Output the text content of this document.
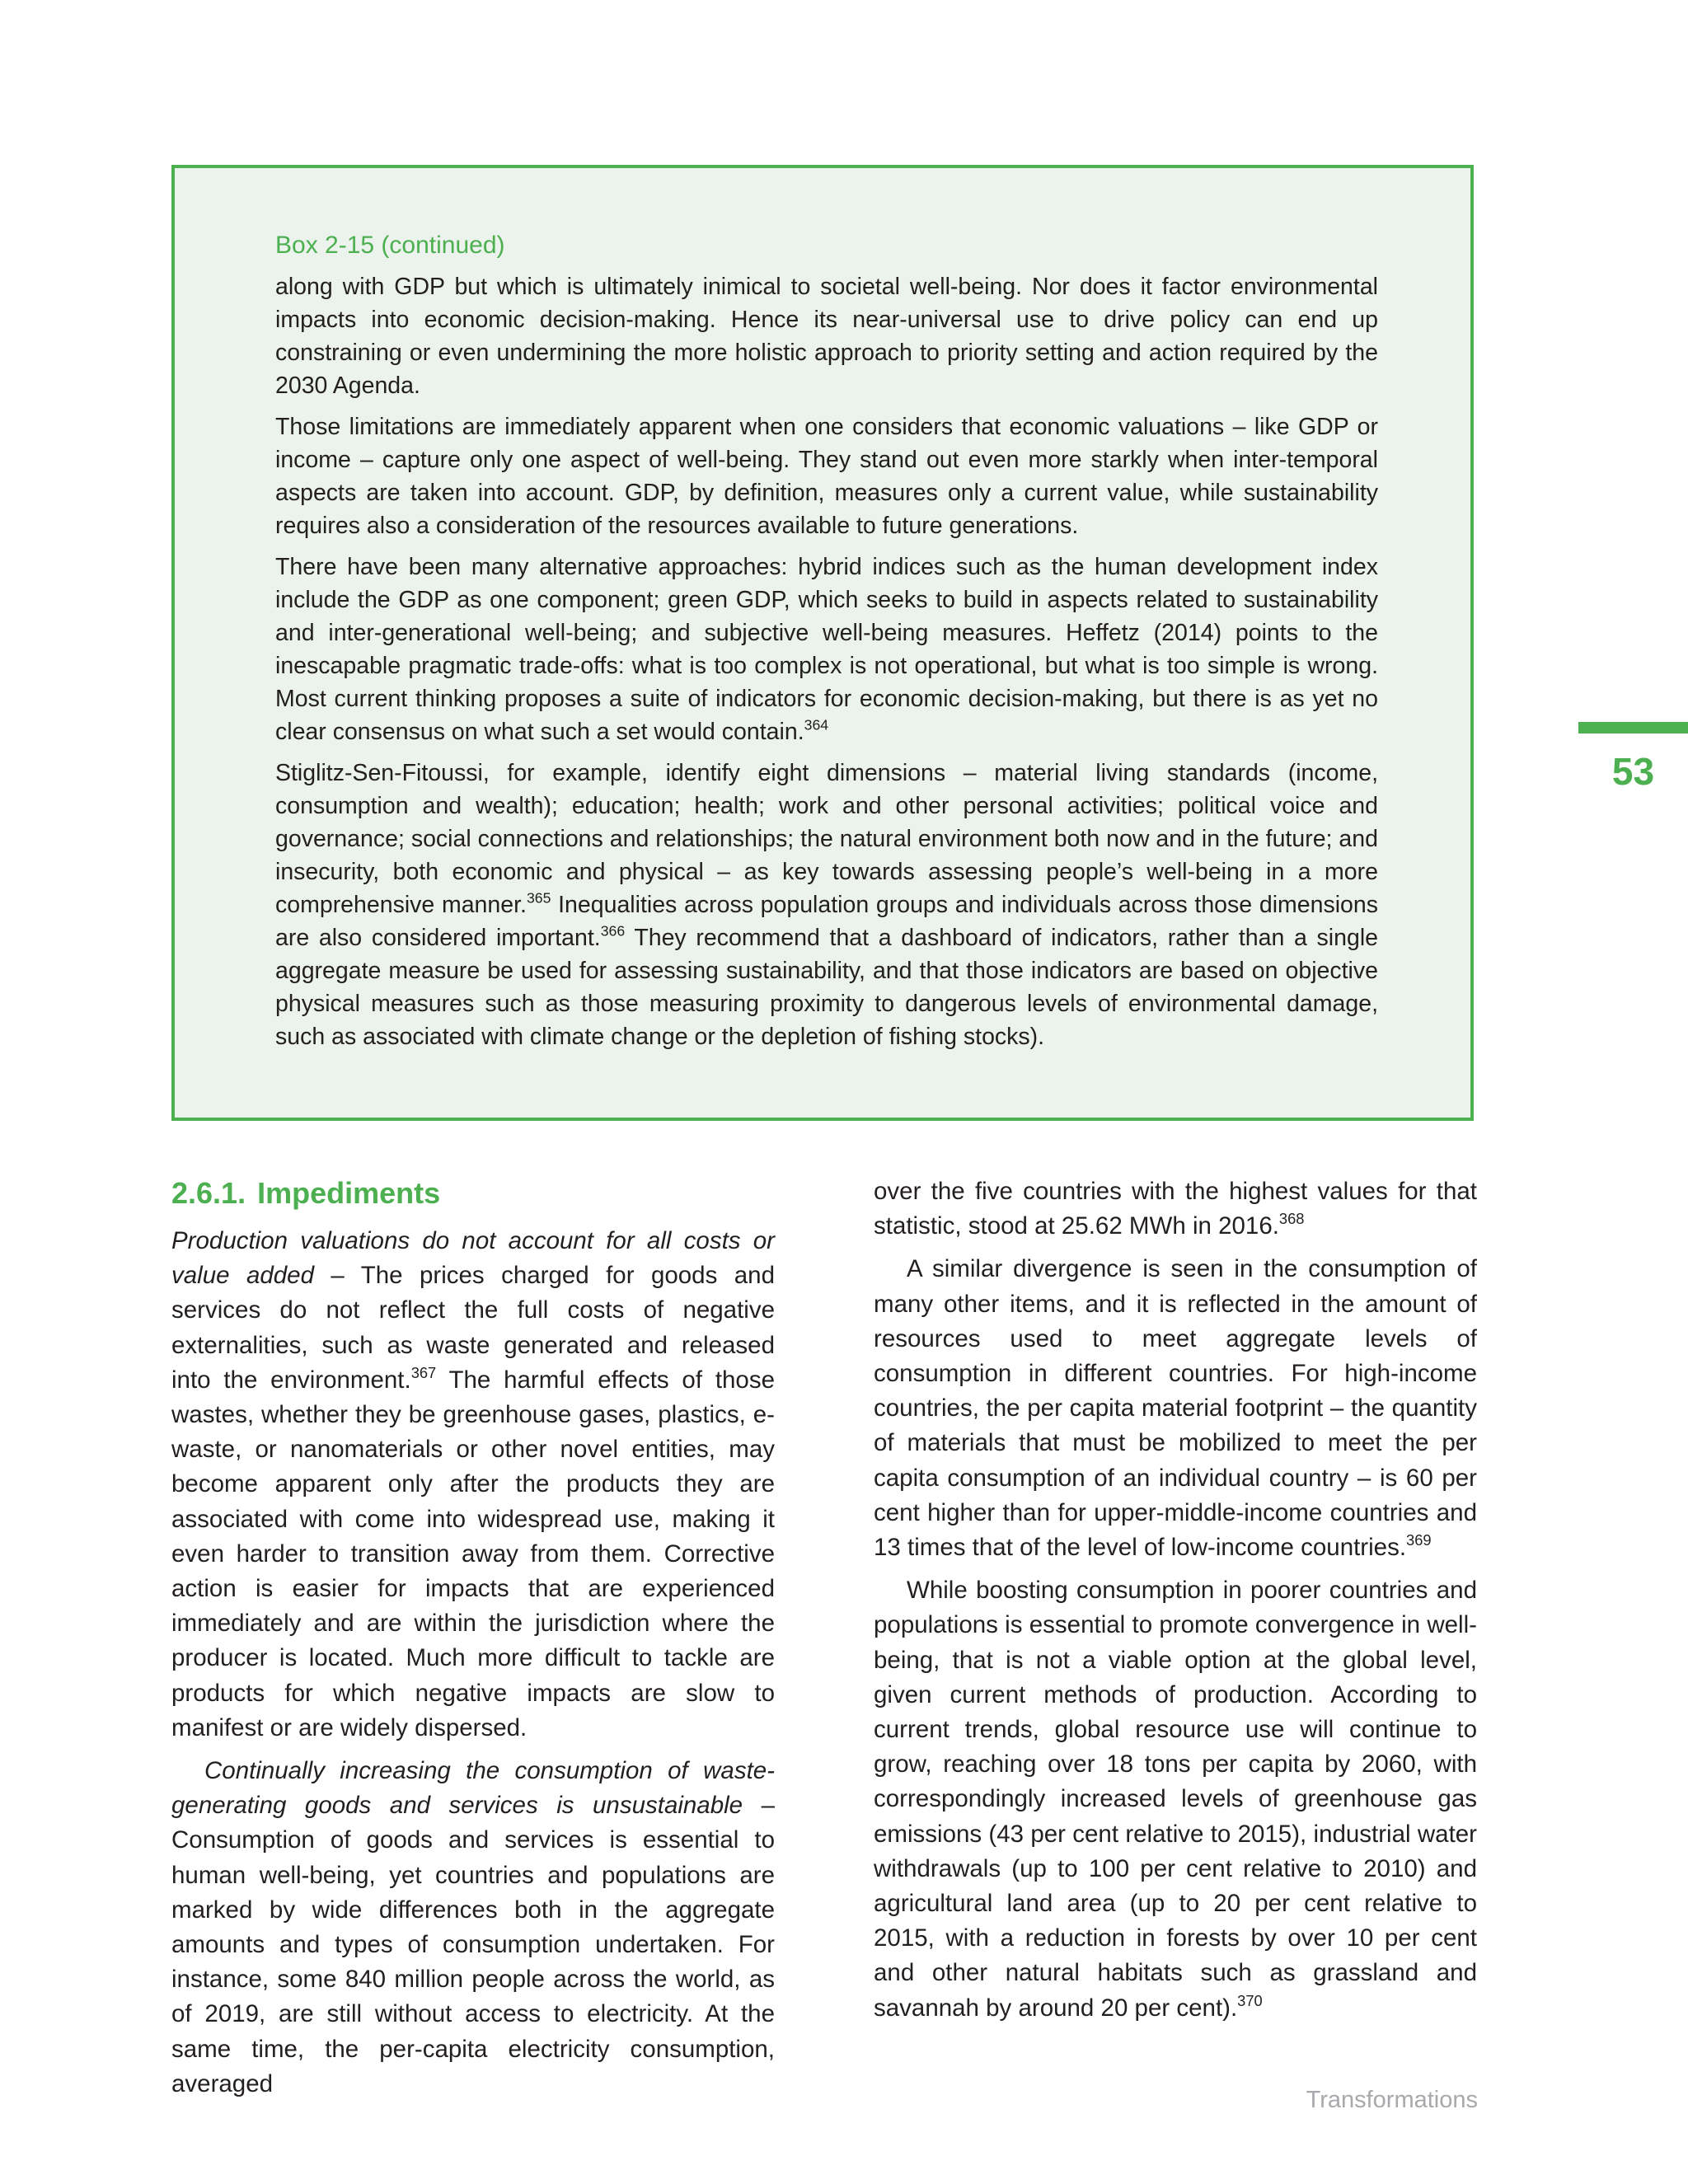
Box 2-15 (continued)

along with GDP but which is ultimately inimical to societal well-being. Nor does it factor environmental impacts into economic decision-making. Hence its near-universal use to drive policy can end up constraining or even undermining the more holistic approach to priority setting and action required by the 2030 Agenda.

Those limitations are immediately apparent when one considers that economic valuations – like GDP or income – capture only one aspect of well-being. They stand out even more starkly when inter-temporal aspects are taken into account. GDP, by definition, measures only a current value, while sustainability requires also a consideration of the resources available to future generations.

There have been many alternative approaches: hybrid indices such as the human development index include the GDP as one component; green GDP, which seeks to build in aspects related to sustainability and inter-generational well-being; and subjective well-being measures. Heffetz (2014) points to the inescapable pragmatic trade-offs: what is too complex is not operational, but what is too simple is wrong. Most current thinking proposes a suite of indicators for economic decision-making, but there is as yet no clear consensus on what such a set would contain.$^{364}$

Stiglitz-Sen-Fitoussi, for example, identify eight dimensions – material living standards (income, consumption and wealth); education; health; work and other personal activities; political voice and governance; social connections and relationships; the natural environment both now and in the future; and insecurity, both economic and physical – as key towards assessing people’s well-being in a more comprehensive manner.$^{365}$ Inequalities across population groups and individuals across those dimensions are also considered important.$^{366}$ They recommend that a dashboard of indicators, rather than a single aggregate measure be used for assessing sustainability, and that those indicators are based on objective physical measures such as those measuring proximity to dangerous levels of environmental damage, such as associated with climate change or the depletion of fishing stocks).

2.6.1. Impediments

Production valuations do not account for all costs or value added – The prices charged for goods and services do not reflect the full costs of negative externalities, such as waste generated and released into the environment.$^{367}$ The harmful effects of those wastes, whether they be greenhouse gases, plastics, e-waste, or nanomaterials or other novel entities, may become apparent only after the products they are associated with come into widespread use, making it even harder to transition away from them. Corrective action is easier for impacts that are experienced immediately and are within the jurisdiction where the producer is located. Much more difficult to tackle are products for which negative impacts are slow to manifest or are widely dispersed.

Continually increasing the consumption of waste-generating goods and services is unsustainable – Consumption of goods and services is essential to human well-being, yet countries and populations are marked by wide differences both in the aggregate amounts and types of consumption undertaken. For instance, some 840 million people across the world, as of 2019, are still without access to electricity. At the same time, the per-capita electricity consumption, averaged

over the five countries with the highest values for that statistic, stood at 25.62 MWh in 2016.$^{368}$

A similar divergence is seen in the consumption of many other items, and it is reflected in the amount of resources used to meet aggregate levels of consumption in different countries. For high-income countries, the per capita material footprint – the quantity of materials that must be mobilized to meet the per capita consumption of an individual country – is 60 per cent higher than for upper-middle-income countries and 13 times that of the level of low-income countries.$^{369}$

While boosting consumption in poorer countries and populations is essential to promote convergence in well-being, that is not a viable option at the global level, given current methods of production. According to current trends, global resource use will continue to grow, reaching over 18 tons per capita by 2060, with correspondingly increased levels of greenhouse gas emissions (43 per cent relative to 2015), industrial water withdrawals (up to 100 per cent relative to 2010) and agricultural land area (up to 20 per cent relative to 2015, with a reduction in forests by over 10 per cent and other natural habitats such as grassland and savannah by around 20 per cent).$^{370}$

53
Transformations
